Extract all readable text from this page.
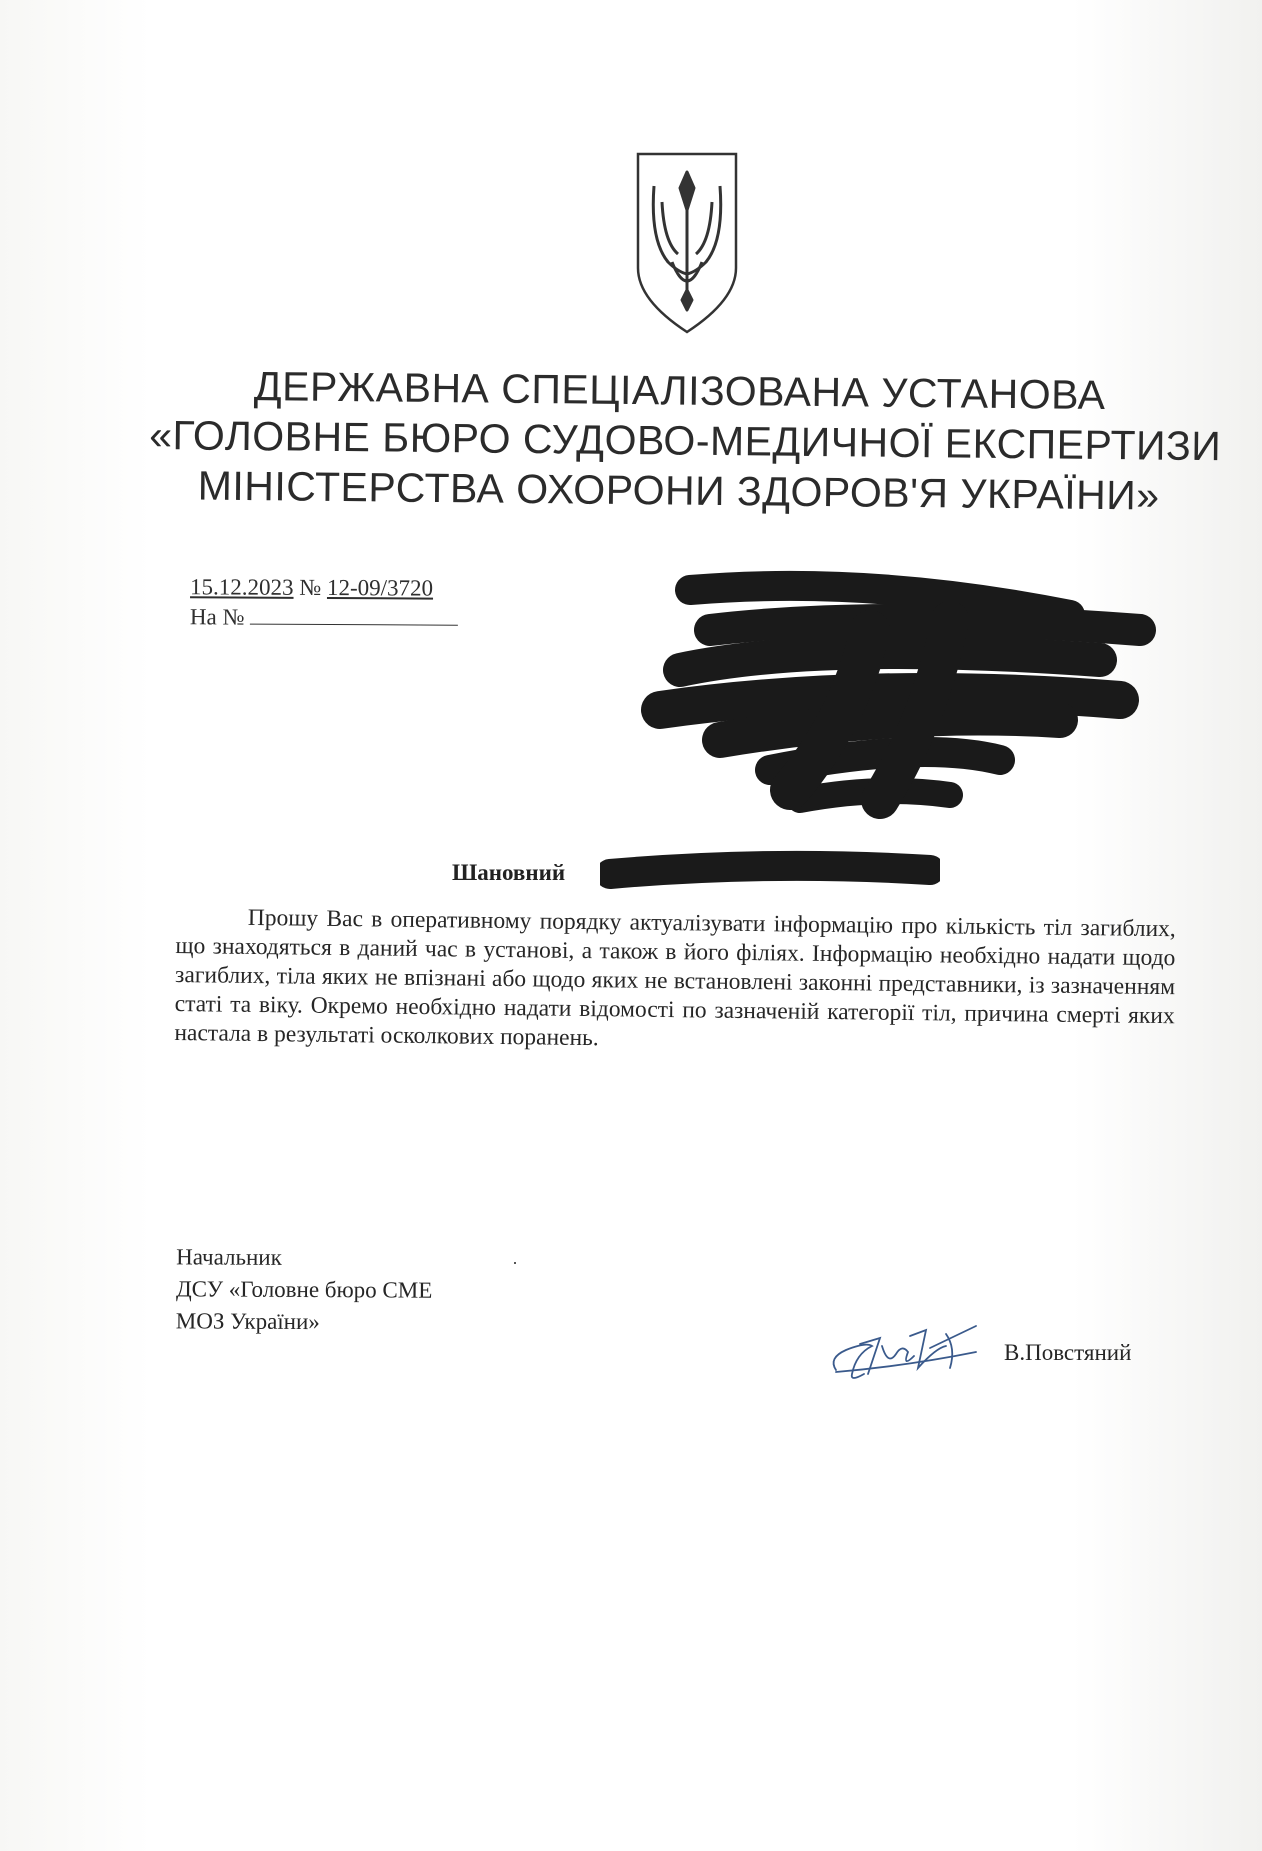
ДЕРЖАВНА СПЕЦІАЛІЗОВАНА УСТАНОВА
«ГОЛОВНЕ БЮРО СУДОВО-МЕДИЧНОЇ ЕКСПЕРТИЗИ
МІНІСТЕРСТВА ОХОРОНИ ЗДОРОВ'Я УКРАЇНИ»
15.12.2023 № 12-09/3720
На №
Шановний
Прошу Вас в оперативному порядку актуалізувати інформацію про кількість тіл загиблих, що знаходяться в даний час в установі, а також в його філіях. Інформацію необхідно надати щодо загиблих, тіла яких не впізнані або щодо яких не встановлені законні представники, із зазначенням статі та віку. Окремо необхідно надати відомості по зазначеній категорії тіл, причина смерті яких настала в результаті осколкових поранень.
Начальник
ДСУ «Головне бюро СМЕ
МОЗ України»
В.Повстяний
